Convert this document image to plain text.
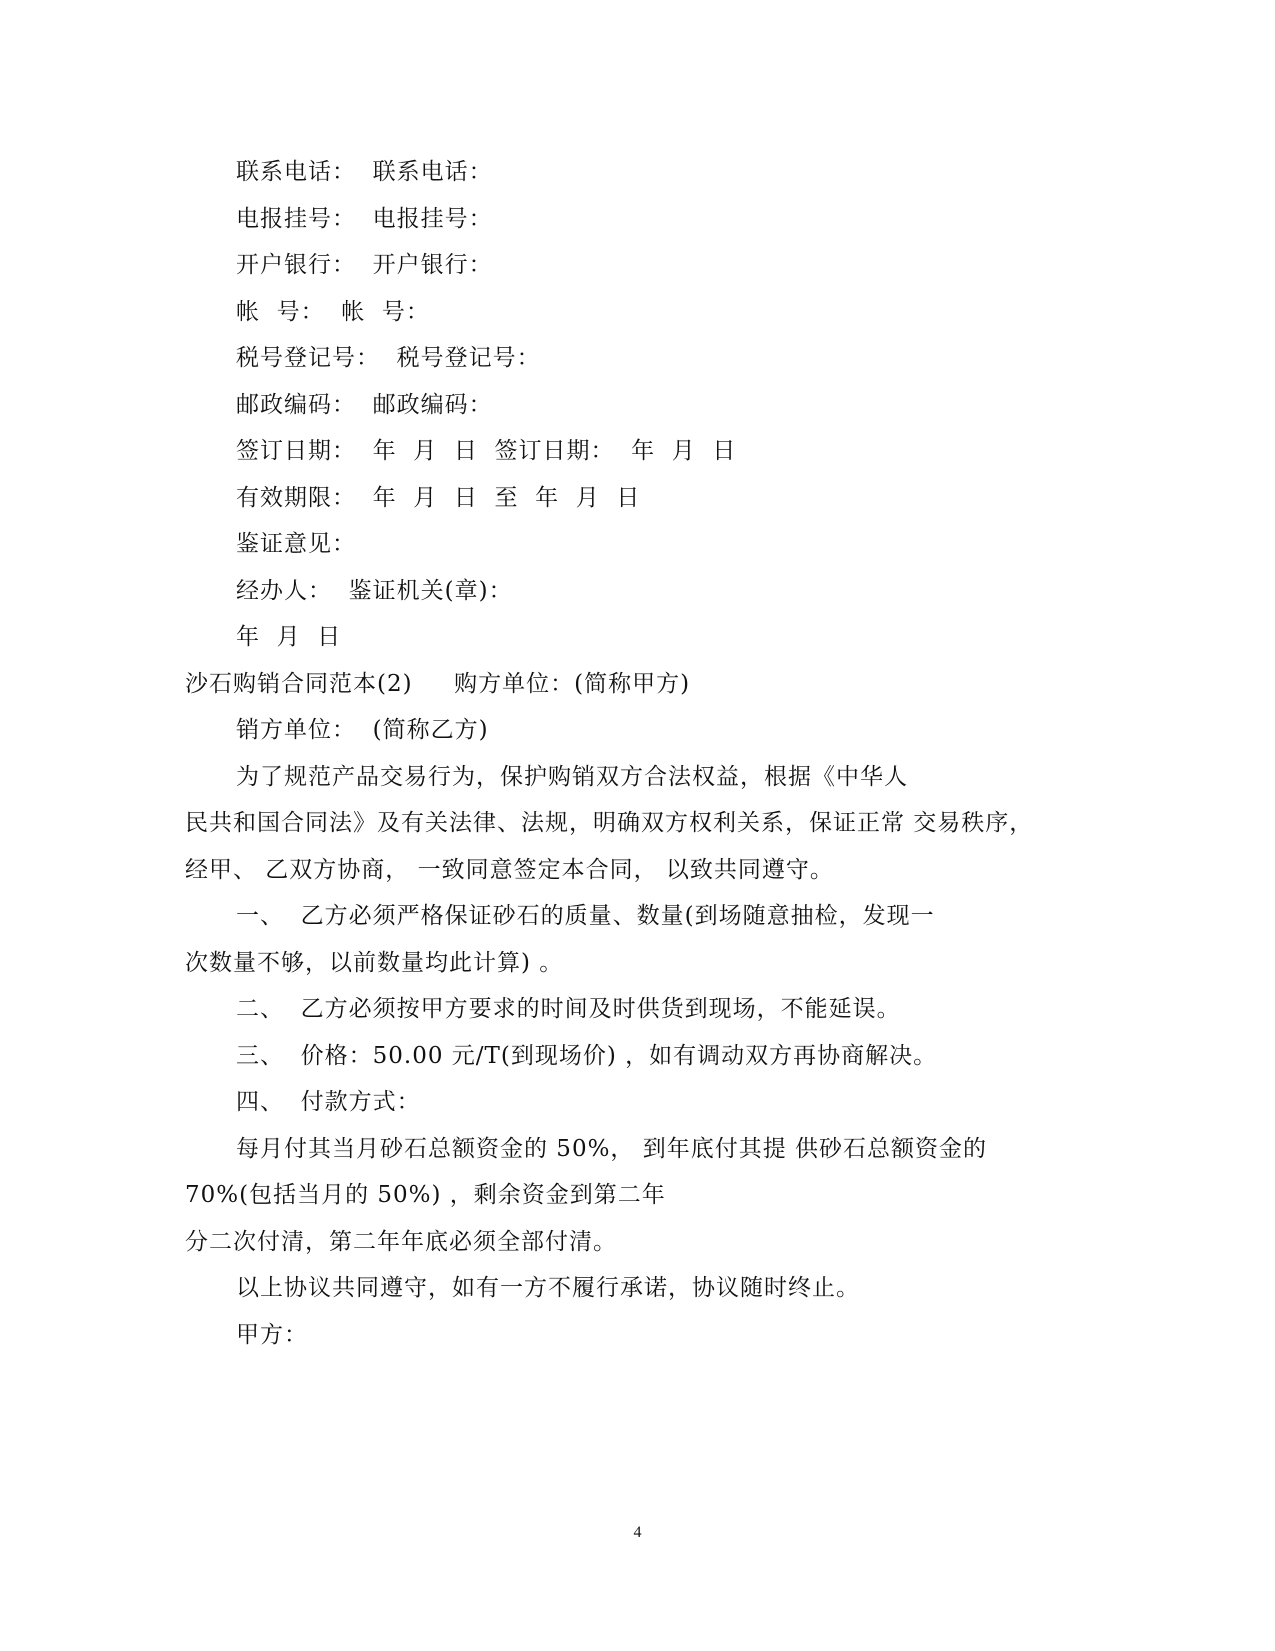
联系电话：  联系电话：
电报挂号：  电报挂号：
开户银行：  开户银行：
帐  号：  帐  号：
税号登记号：  税号登记号：
邮政编码：  邮政编码：
签订日期：  年  月  日  签订日期：  年  月  日
有效期限：  年  月  日  至  年  月  日
鉴证意见：
经办人：  鉴证机关(章)：
年  月  日
沙石购销合同范本(2)     购方单位：(简称甲方)
销方单位：  (简称乙方)
为了规范产品交易行为，保护购销双方合法权益，根据《中华人
民共和国合同法》及有关法律、法规，明确双方权利关系，保证正常 交易秩序，
经甲、 乙双方协商， 一致同意签定本合同， 以致共同遵守。
一、  乙方必须严格保证砂石的质量、数量(到场随意抽检，发现一
次数量不够，以前数量均此计算) 。
二、  乙方必须按甲方要求的时间及时供货到现场，不能延误。
三、  价格：50.00 元/T(到现场价) ，如有调动双方再协商解决。
四、  付款方式：
每月付其当月砂石总额资金的 50%， 到年底付其提 供砂石总额资金的
70%(包括当月的 50%) ，剩余资金到第二年
分二次付清，第二年年底必须全部付清。
以上协议共同遵守，如有一方不履行承诺，协议随时终止。
甲方：
4
